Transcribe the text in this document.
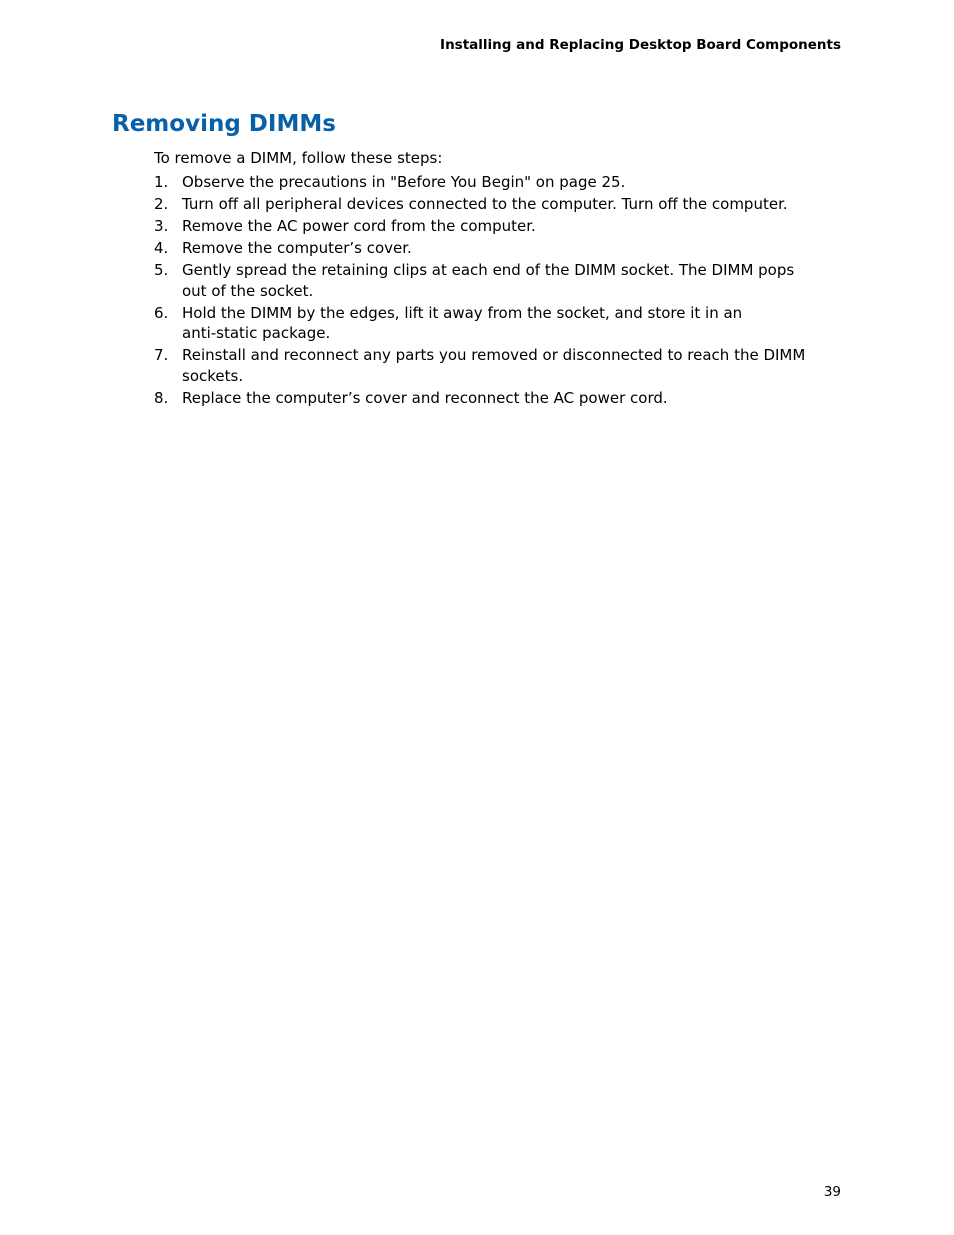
Installing and Replacing Desktop Board Components
Removing DIMMs

To remove a DIMM, follow these steps:

1. Observe the precautions in "Before You Begin" on page 25.
2. Turn off all peripheral devices connected to the computer. Turn off the computer.
3. Remove the AC power cord from the computer.
4. Remove the computer’s cover.
5. Gently spread the retaining clips at each end of the DIMM socket. The DIMM pops
out of the socket.
6. Hold the DIMM by the edges, lift it away from the socket, and store it in an
anti-static package.
7. Reinstall and reconnect any parts you removed or disconnected to reach the DIMM
sockets.
8. Replace the computer’s cover and reconnect the AC power cord.
39
